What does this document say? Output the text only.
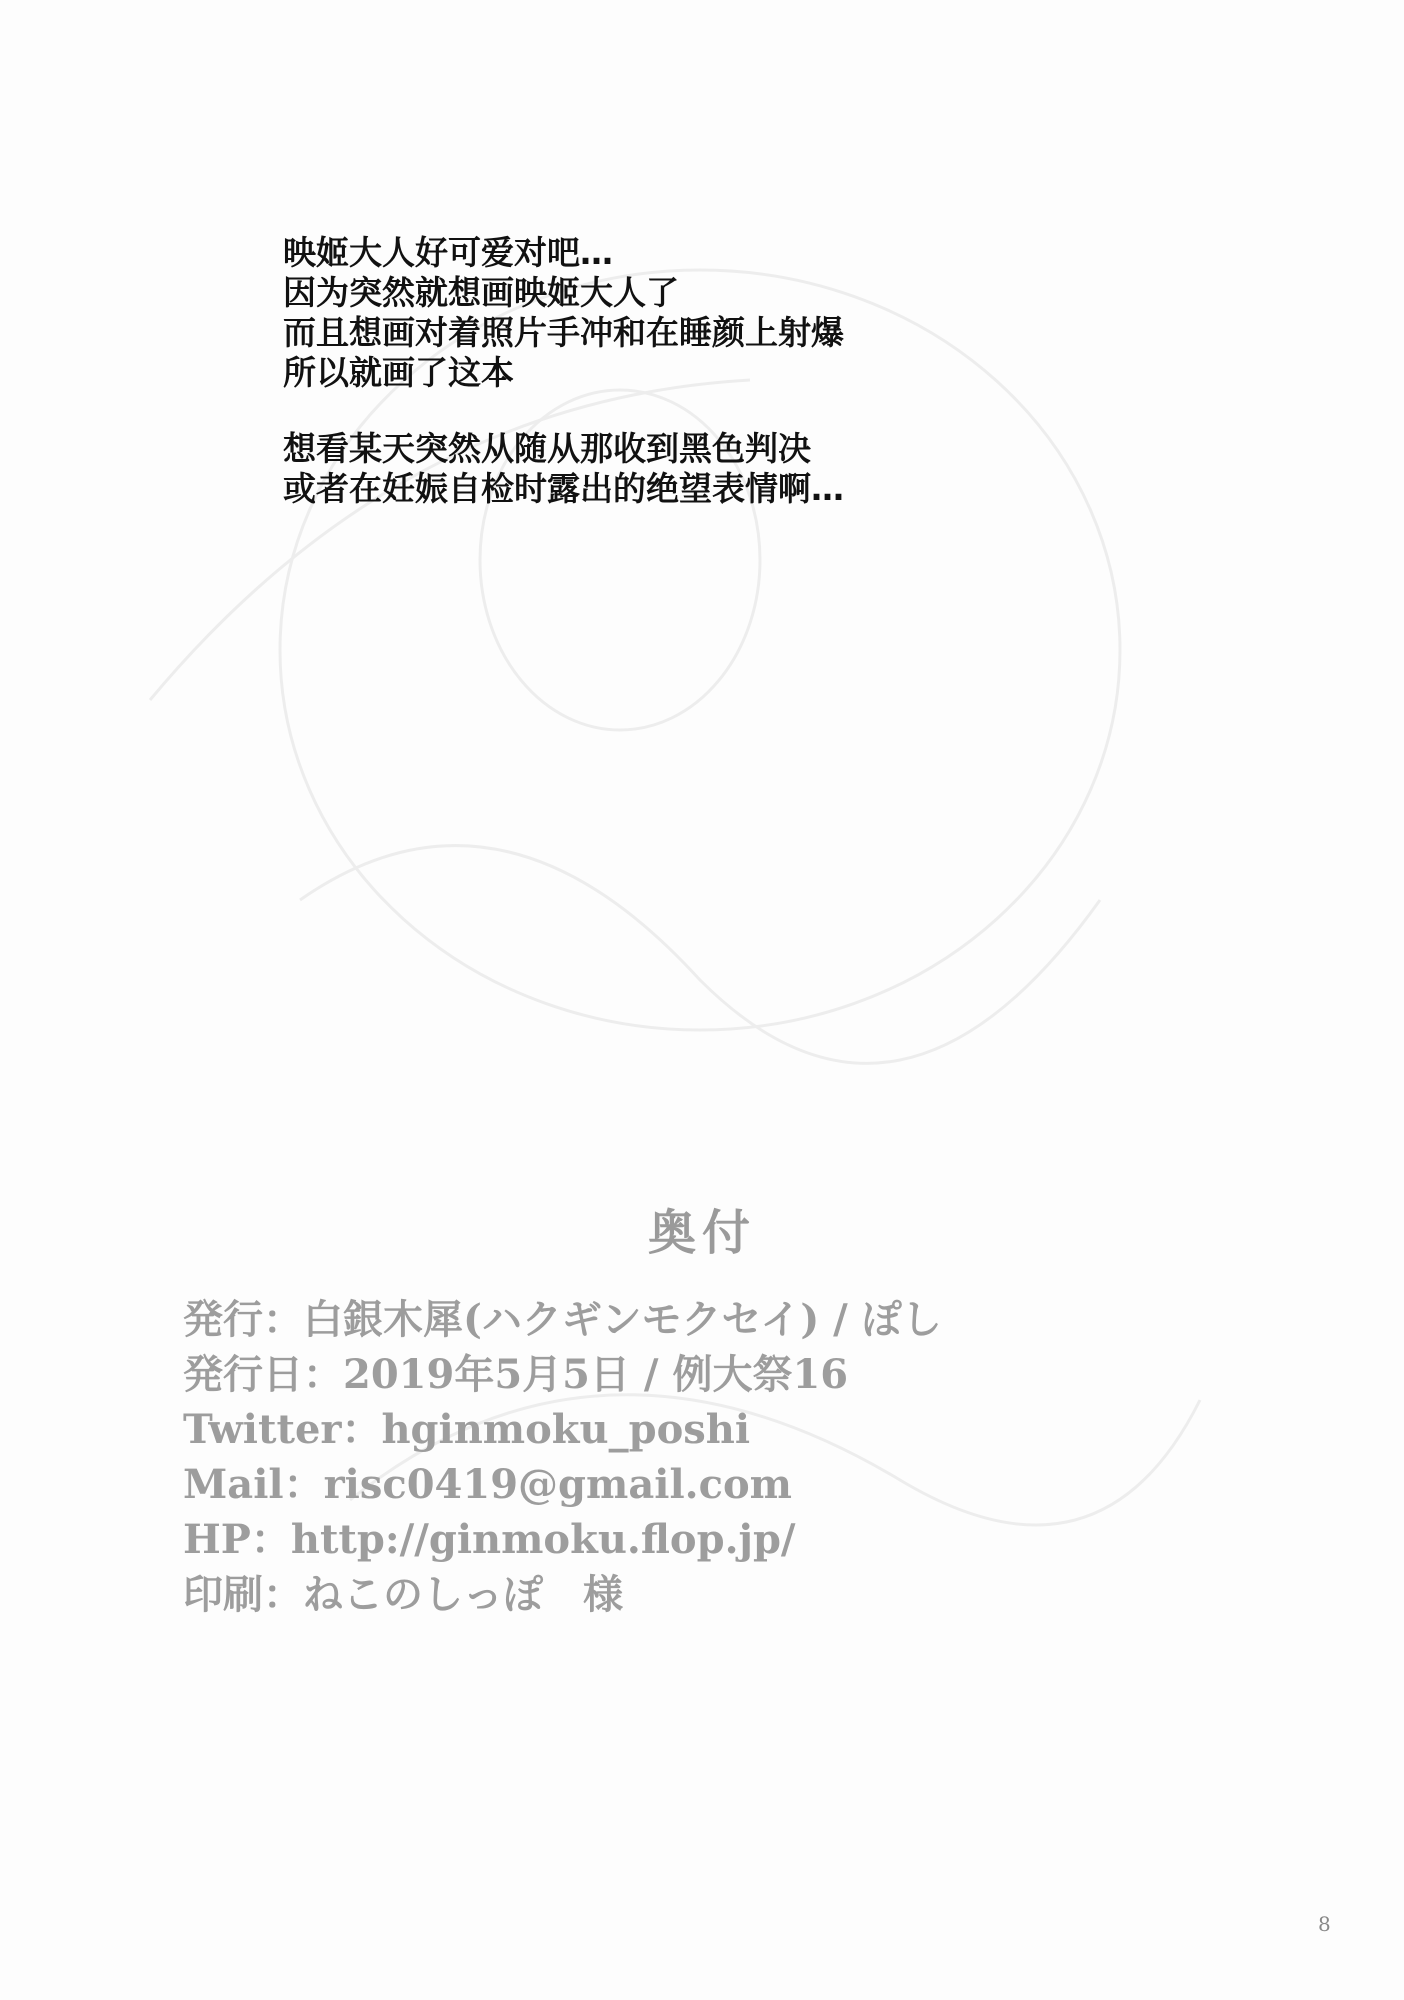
映姬大人好可爱对吧…
因为突然就想画映姬大人了
而且想画对着照片手冲和在睡颜上射爆
所以就画了这本
想看某天突然从随从那收到黑色判决
或者在妊娠自检时露出的绝望表情啊…
奥付
発行：白銀木犀(ハクギンモクセイ) / ぽし
発行日：2019年5月5日 / 例大祭16
Twitter：hginmoku_poshi
Mail：risc0419@gmail.com
HP：http://ginmoku.flop.jp/
印刷：ねこのしっぽ　様
8
